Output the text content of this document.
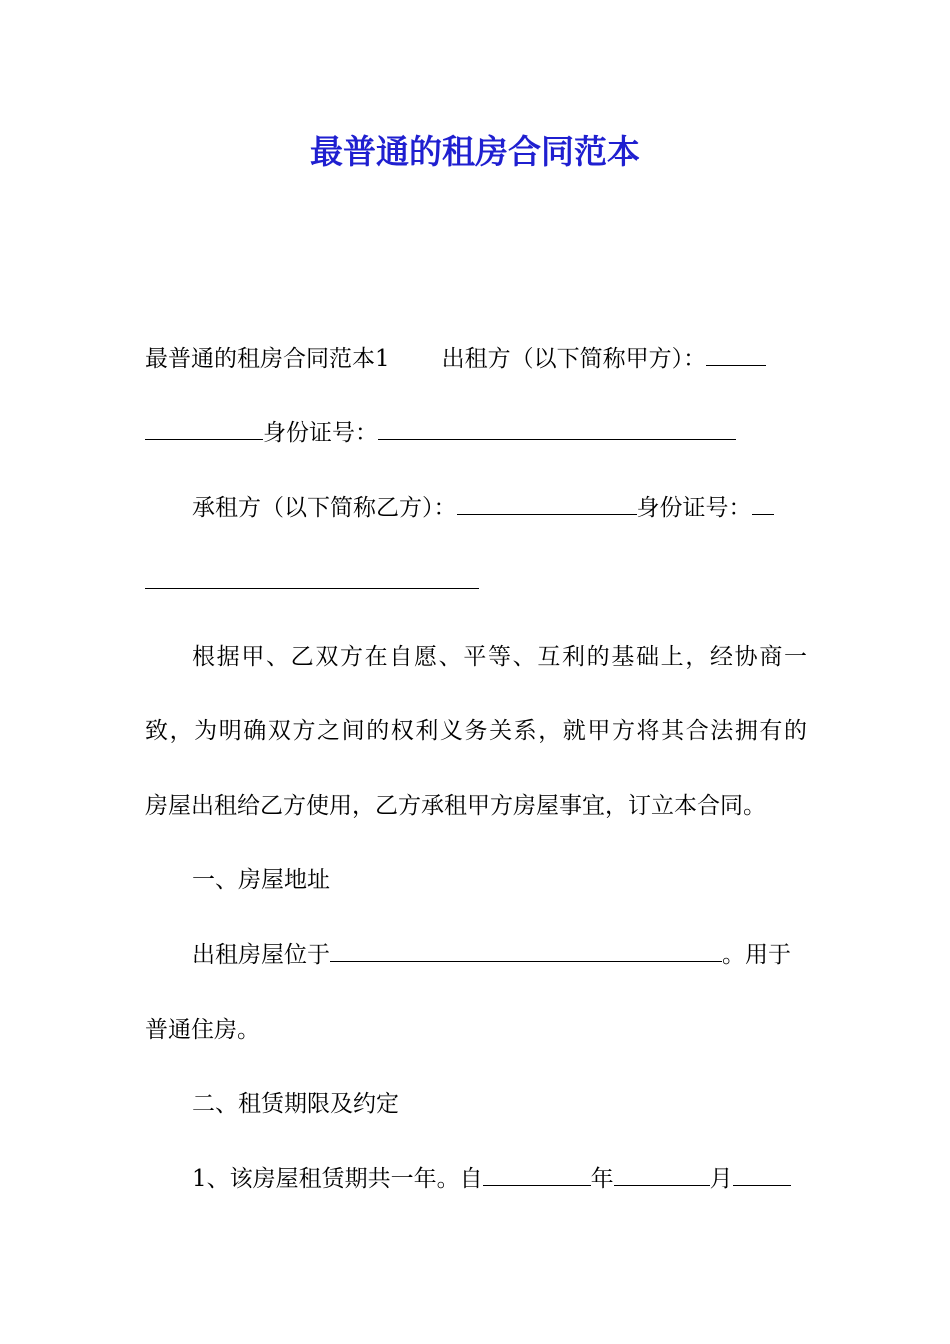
最普通的租房合同范本
最普通的租房合同范本1 出租方（以下简称甲方）：
身份证号：
承租方（以下简称乙方）：	身份证号：
根据甲、乙双方在自愿、平等、互利的基础上，经协商一
致，为明确双方之间的权利义务关系，就甲方将其合法拥有的
房屋出租给乙方使用，乙方承租甲方房屋事宜，订立本合同。
一、房屋地址
出租房屋位于	。用于
普通住房。
二、租赁期限及约定
1、该房屋租赁期共一年。自	年	月
